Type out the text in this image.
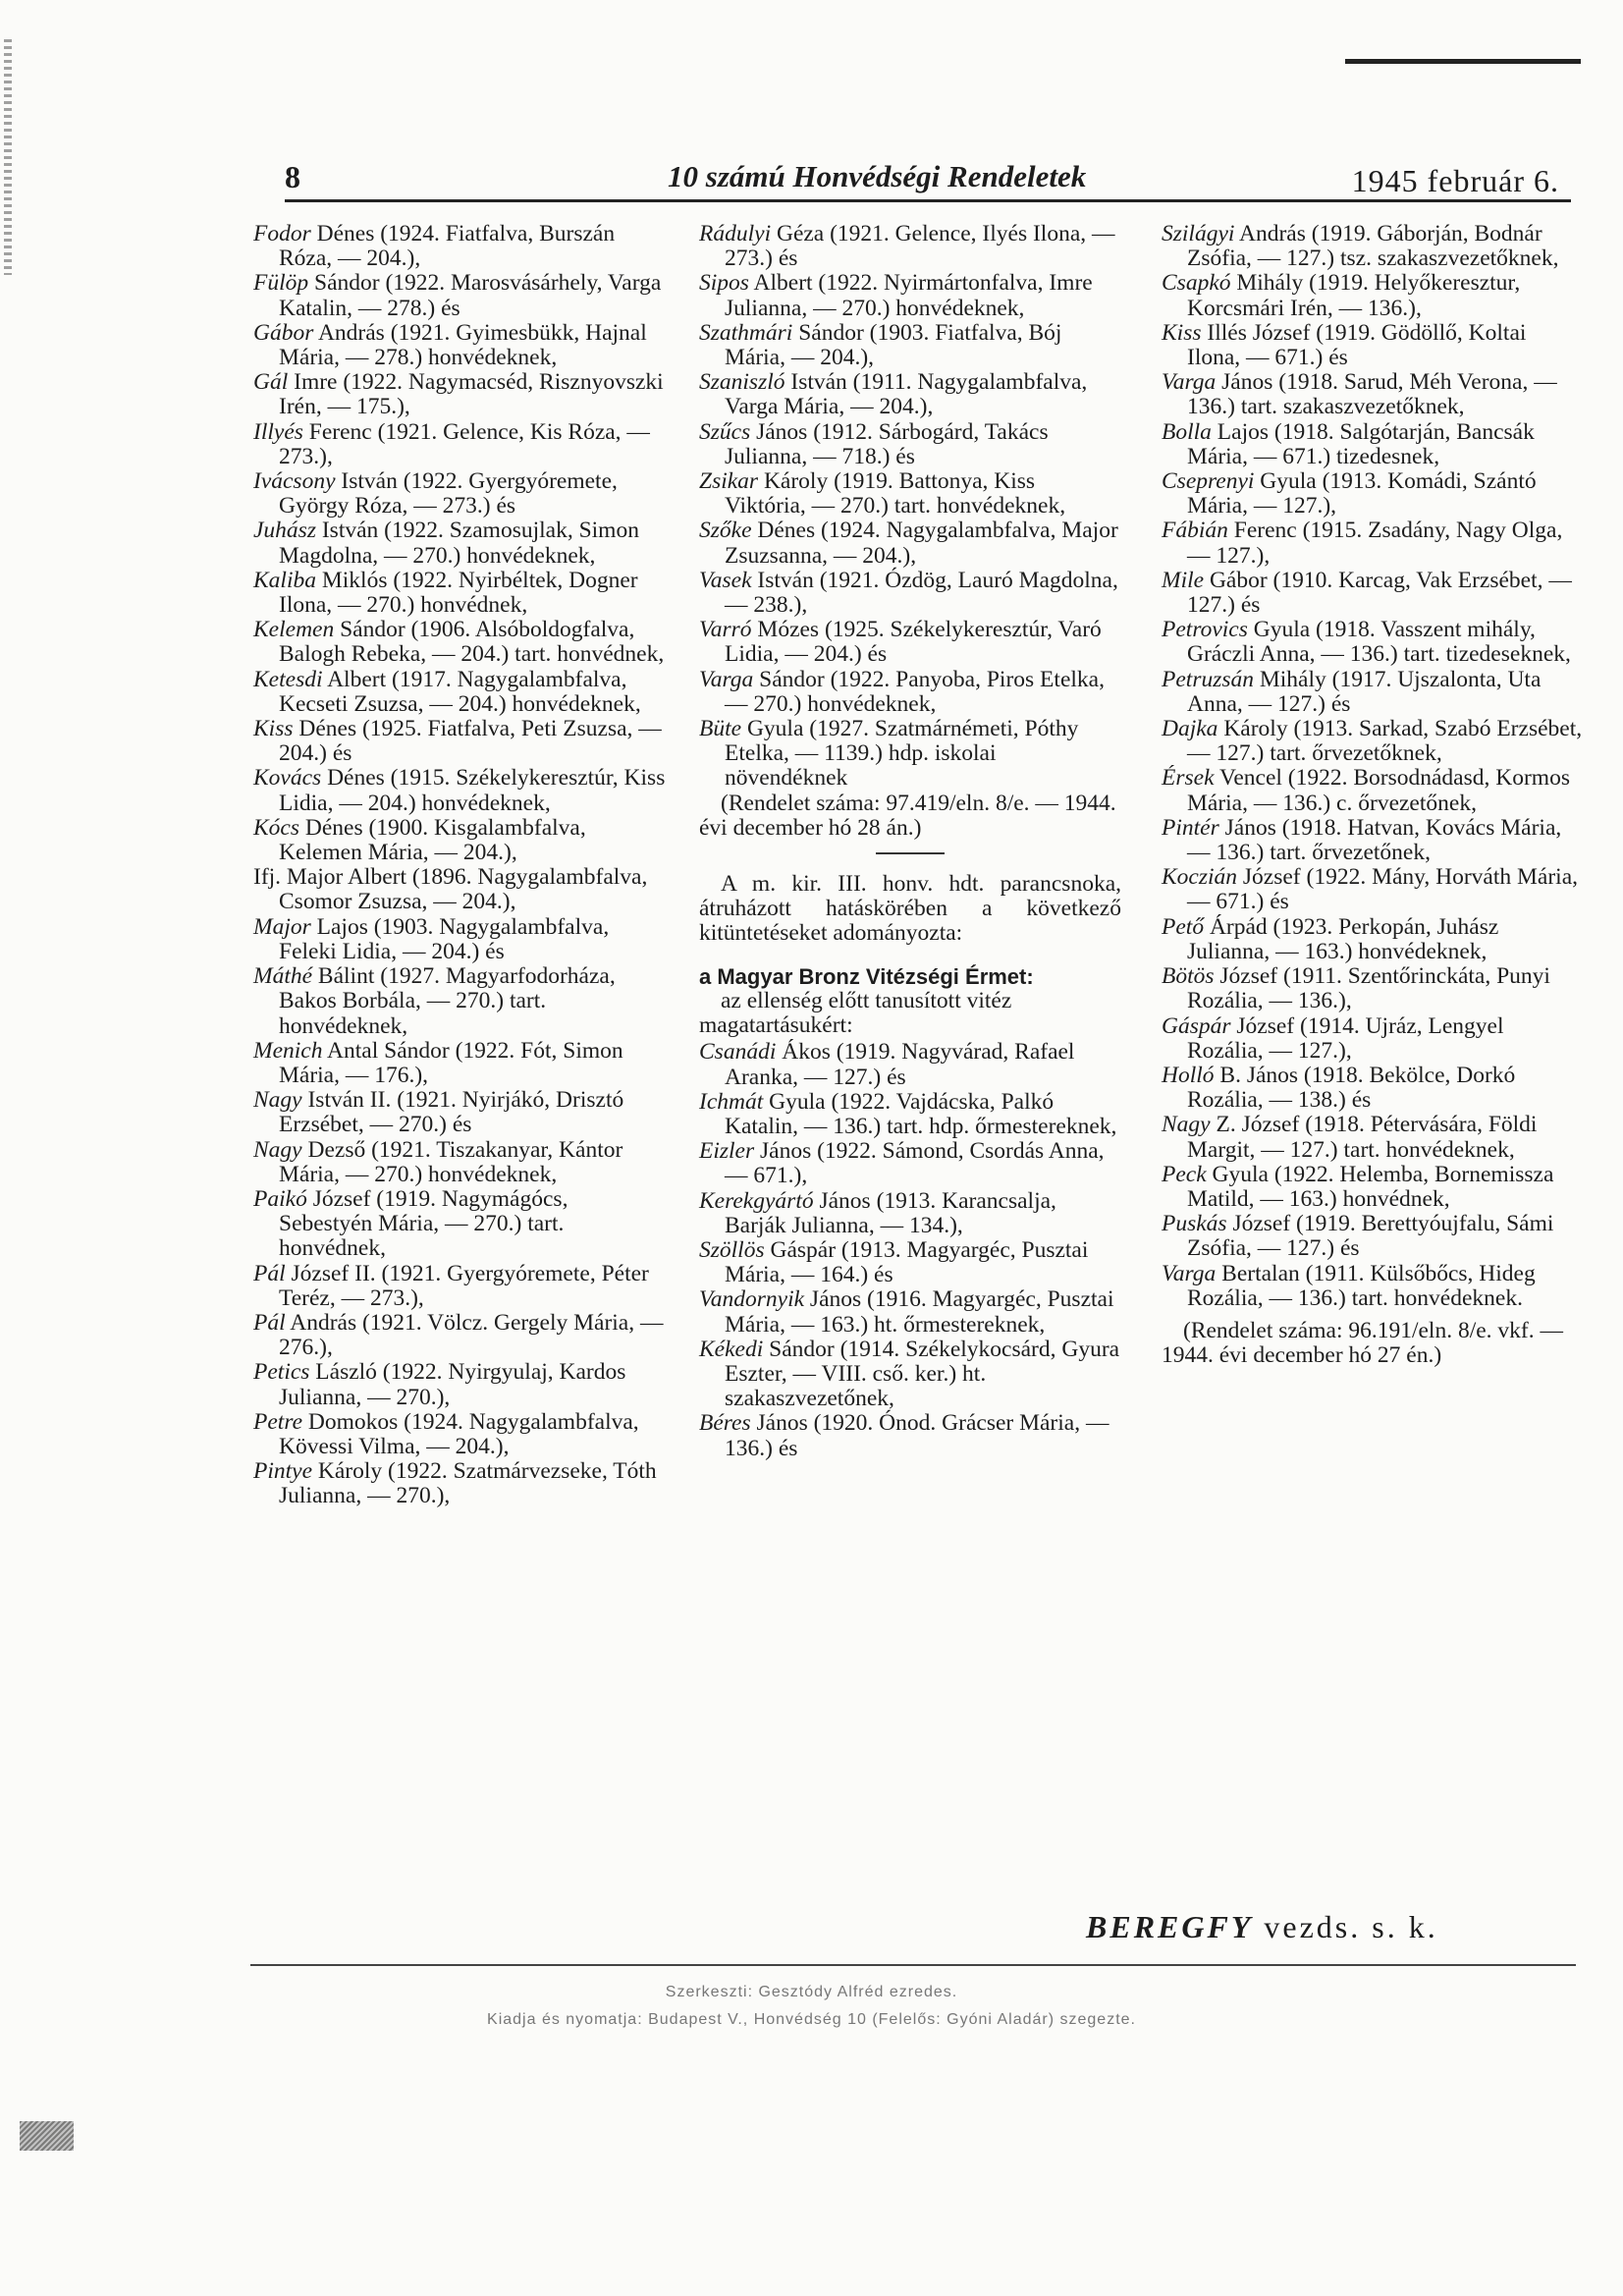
8	10 számú Honvédségi Rendeletek	1945 február 6.
Fodor Dénes (1924. Fiatfalva, Burszán Róza, — 204.),
Fülöp Sándor (1922. Marosvásárhely, Varga Katalin, — 278.) és
Gábor András (1921. Gyimesbükk, Hajnal Mária, — 278.) honvédeknek,
Gál Imre (1922. Nagymacséd, Risznyovszki Irén, — 175.),
Illyés Ferenc (1921. Gelence, Kis Róza, — 273.),
Ivácsony István (1922. Gyergyóremete, György Róza, — 273.) és
Juhász István (1922. Szamosujlak, Simon Magdolna, — 270.) honvédeknek,
Kaliba Miklós (1922. Nyirbéltek, Dogner Ilona, — 270.) honvédnek,
Kelemen Sándor (1906. Alsóboldogfalva, Balogh Rebeka, — 204.) tart. honvédnek,
Ketesdi Albert (1917. Nagygalambfalva, Kecseti Zsuzsa, — 204.) honvédeknek,
Kiss Dénes (1925. Fiatfalva, Peti Zsuzsa, — 204.) és
Kovács Dénes (1915. Székelykeresztúr, Kiss Lidia, — 204.) honvédeknek,
Kócs Dénes (1900. Kisgalambfalva, Kelemen Mária, — 204.),
Ifj. Major Albert (1896. Nagygalambfalva, Csomor Zsuzsa, — 204.),
Major Lajos (1903. Nagygalambfalva, Feleki Lidia, — 204.) és
Máthé Bálint (1927. Magyarfodorháza, Bakos Borbála, — 270.) tart. honvédeknek,
Menich Antal Sándor (1922. Fót, Simon Mária, — 176.),
Nagy István II. (1921. Nyirjákó, Drisztó Erzsébet, — 270.) és
Nagy Dezső (1921. Tiszakanyar, Kántor Mária, — 270.) honvédeknek,
Paikó József (1919. Nagymágócs, Sebestyén Mária, — 270.) tart. honvédnek,
Pál József II. (1921. Gyergyóremete, Péter Teréz, — 273.),
Pál András (1921. Völcz. Gergely Mária, — 276.),
Petics László (1922. Nyirgyulaj, Kardos Julianna, — 270.),
Petre Domokos (1924. Nagygalambfalva, Kövessi Vilma, — 204.),
Pintye Károly (1922. Szatmárvezseke, Tóth Julianna, — 270.),
Rádulyi Géza (1921. Gelence, Ilyés Ilona, — 273.) és
Sipos Albert (1922. Nyirmártonfalva, Imre Julianna, — 270.) honvédeknek,
Szathmári Sándor (1903. Fiatfalva, Bój Mária, — 204.),
Szaniszló István (1911. Nagygalambfalva, Varga Mária, — 204.),
Szűcs János (1912. Sárbogárd, Takács Julianna, — 718.) és
Zsikar Károly (1919. Battonya, Kiss Viktória, — 270.) tart. honvédeknek,
Szőke Dénes (1924. Nagygalambfalva, Major Zsuzsanna, — 204.),
Vasek István (1921. Ózdög, Lauró Magdolna, — 238.),
Varró Mózes (1925. Székelykeresztúr, Varó Lidia, — 204.) és
Varga Sándor (1922. Panyoba, Piros Etelka, — 270.) honvédeknek,
Büte Gyula (1927. Szatmárnémeti, Póthy Etelka, — 1139.) hdp. iskolai növendéknek
(Rendelet száma: 97.419/eln. 8/e. — 1944. évi december hó 28 án.)
A m. kir. III. honv. hdt. parancsnoka, átruházott hatáskörében a következő kitüntetéseket adományozta:
a Magyar Bronz Vitézségi Érmet:
az ellenség előtt tanusított vitéz magatartásukért:
Csanádi Ákos (1919. Nagyvárad, Rafael Aranka, — 127.) és
Ichmát Gyula (1922. Vajdácska, Palkó Katalin, — 136.) tart. hdp. őrmestereknek,
Eizler János (1922. Sámond, Csordás Anna, — 671.),
Kerekgyártó János (1913. Karancsalja, Barják Julianna, — 134.),
Szöllös Gáspár (1913. Magyargéc, Pusztai Mária, — 164.) és
Vandornyik János (1916. Magyargéc, Pusztai Mária, — 163.) ht. őrmestereknek,
Kékedi Sándor (1914. Székelykocsárd, Gyura Eszter, — VIII. cső. ker.) ht. szakaszvezetőnek,
Béres János (1920. Ónod. Grácser Mária, — 136.) és
Szilágyi András (1919. Gáborján, Bodnár Zsófia, — 127.) tsz. szakaszvezetőknek,
Csapkó Mihály (1919. Helyőkeresztur, Korcsmári Irén, — 136.),
Kiss Illés József (1919. Gödöllő, Koltai Ilona, — 671.) és
Varga János (1918. Sarud, Méh Verona, — 136.) tart. szakaszvezetőknek,
Bolla Lajos (1918. Salgótarján, Bancsák Mária, — 671.) tizedesnek,
Cseprenyi Gyula (1913. Komádi, Szántó Mária, — 127.),
Fábián Ferenc (1915. Zsadány, Nagy Olga, — 127.),
Mile Gábor (1910. Karcag, Vak Erzsébet, — 127.) és
Petrovics Gyula (1918. Vasszent mihály, Gráczli Anna, — 136.) tart. tizedeseknek,
Petruzsán Mihály (1917. Ujszalonta, Uta Anna, — 127.) és
Dajka Károly (1913. Sarkad, Szabó Erzsébet, — 127.) tart. őrvezetőknek,
Érsek Vencel (1922. Borsodnádasd, Kormos Mária, — 136.) c. őrvezetőnek,
Pintér János (1918. Hatvan, Kovács Mária, — 136.) tart. őrvezetőnek,
Koczián József (1922. Mány, Horváth Mária, — 671.) és
Pető Árpád (1923. Perkopán, Juhász Julianna, — 163.) honvédeknek,
Bötös József (1911. Szentőrinckáta, Punyi Rozália, — 136.),
Gáspár József (1914. Ujráz, Lengyel Rozália, — 127.),
Holló B. János (1918. Bekölce, Dorkó Rozália, — 138.) és
Nagy Z. József (1918. Pétervására, Földi Margit, — 127.) tart. honvédeknek,
Peck Gyula (1922. Helemba, Bornemissza Matild, — 163.) honvédnek,
Puskás József (1919. Berettyóujfalu, Sámi Zsófia, — 127.) és
Varga Bertalan (1911. Külsőbőcs, Hideg Rozália, — 136.) tart. honvédeknek.
(Rendelet száma: 96.191/eln. 8/e. vkf. — 1944. évi december hó 27 én.)
BEREGFY vezds. s. k.
Szerkeszti: Gesztódy Alfréd ezredes.
Kiadja és nyomatja: Budapest V., Honvédség 10 (Felelős: Gyóni Aladár) szegezte.
